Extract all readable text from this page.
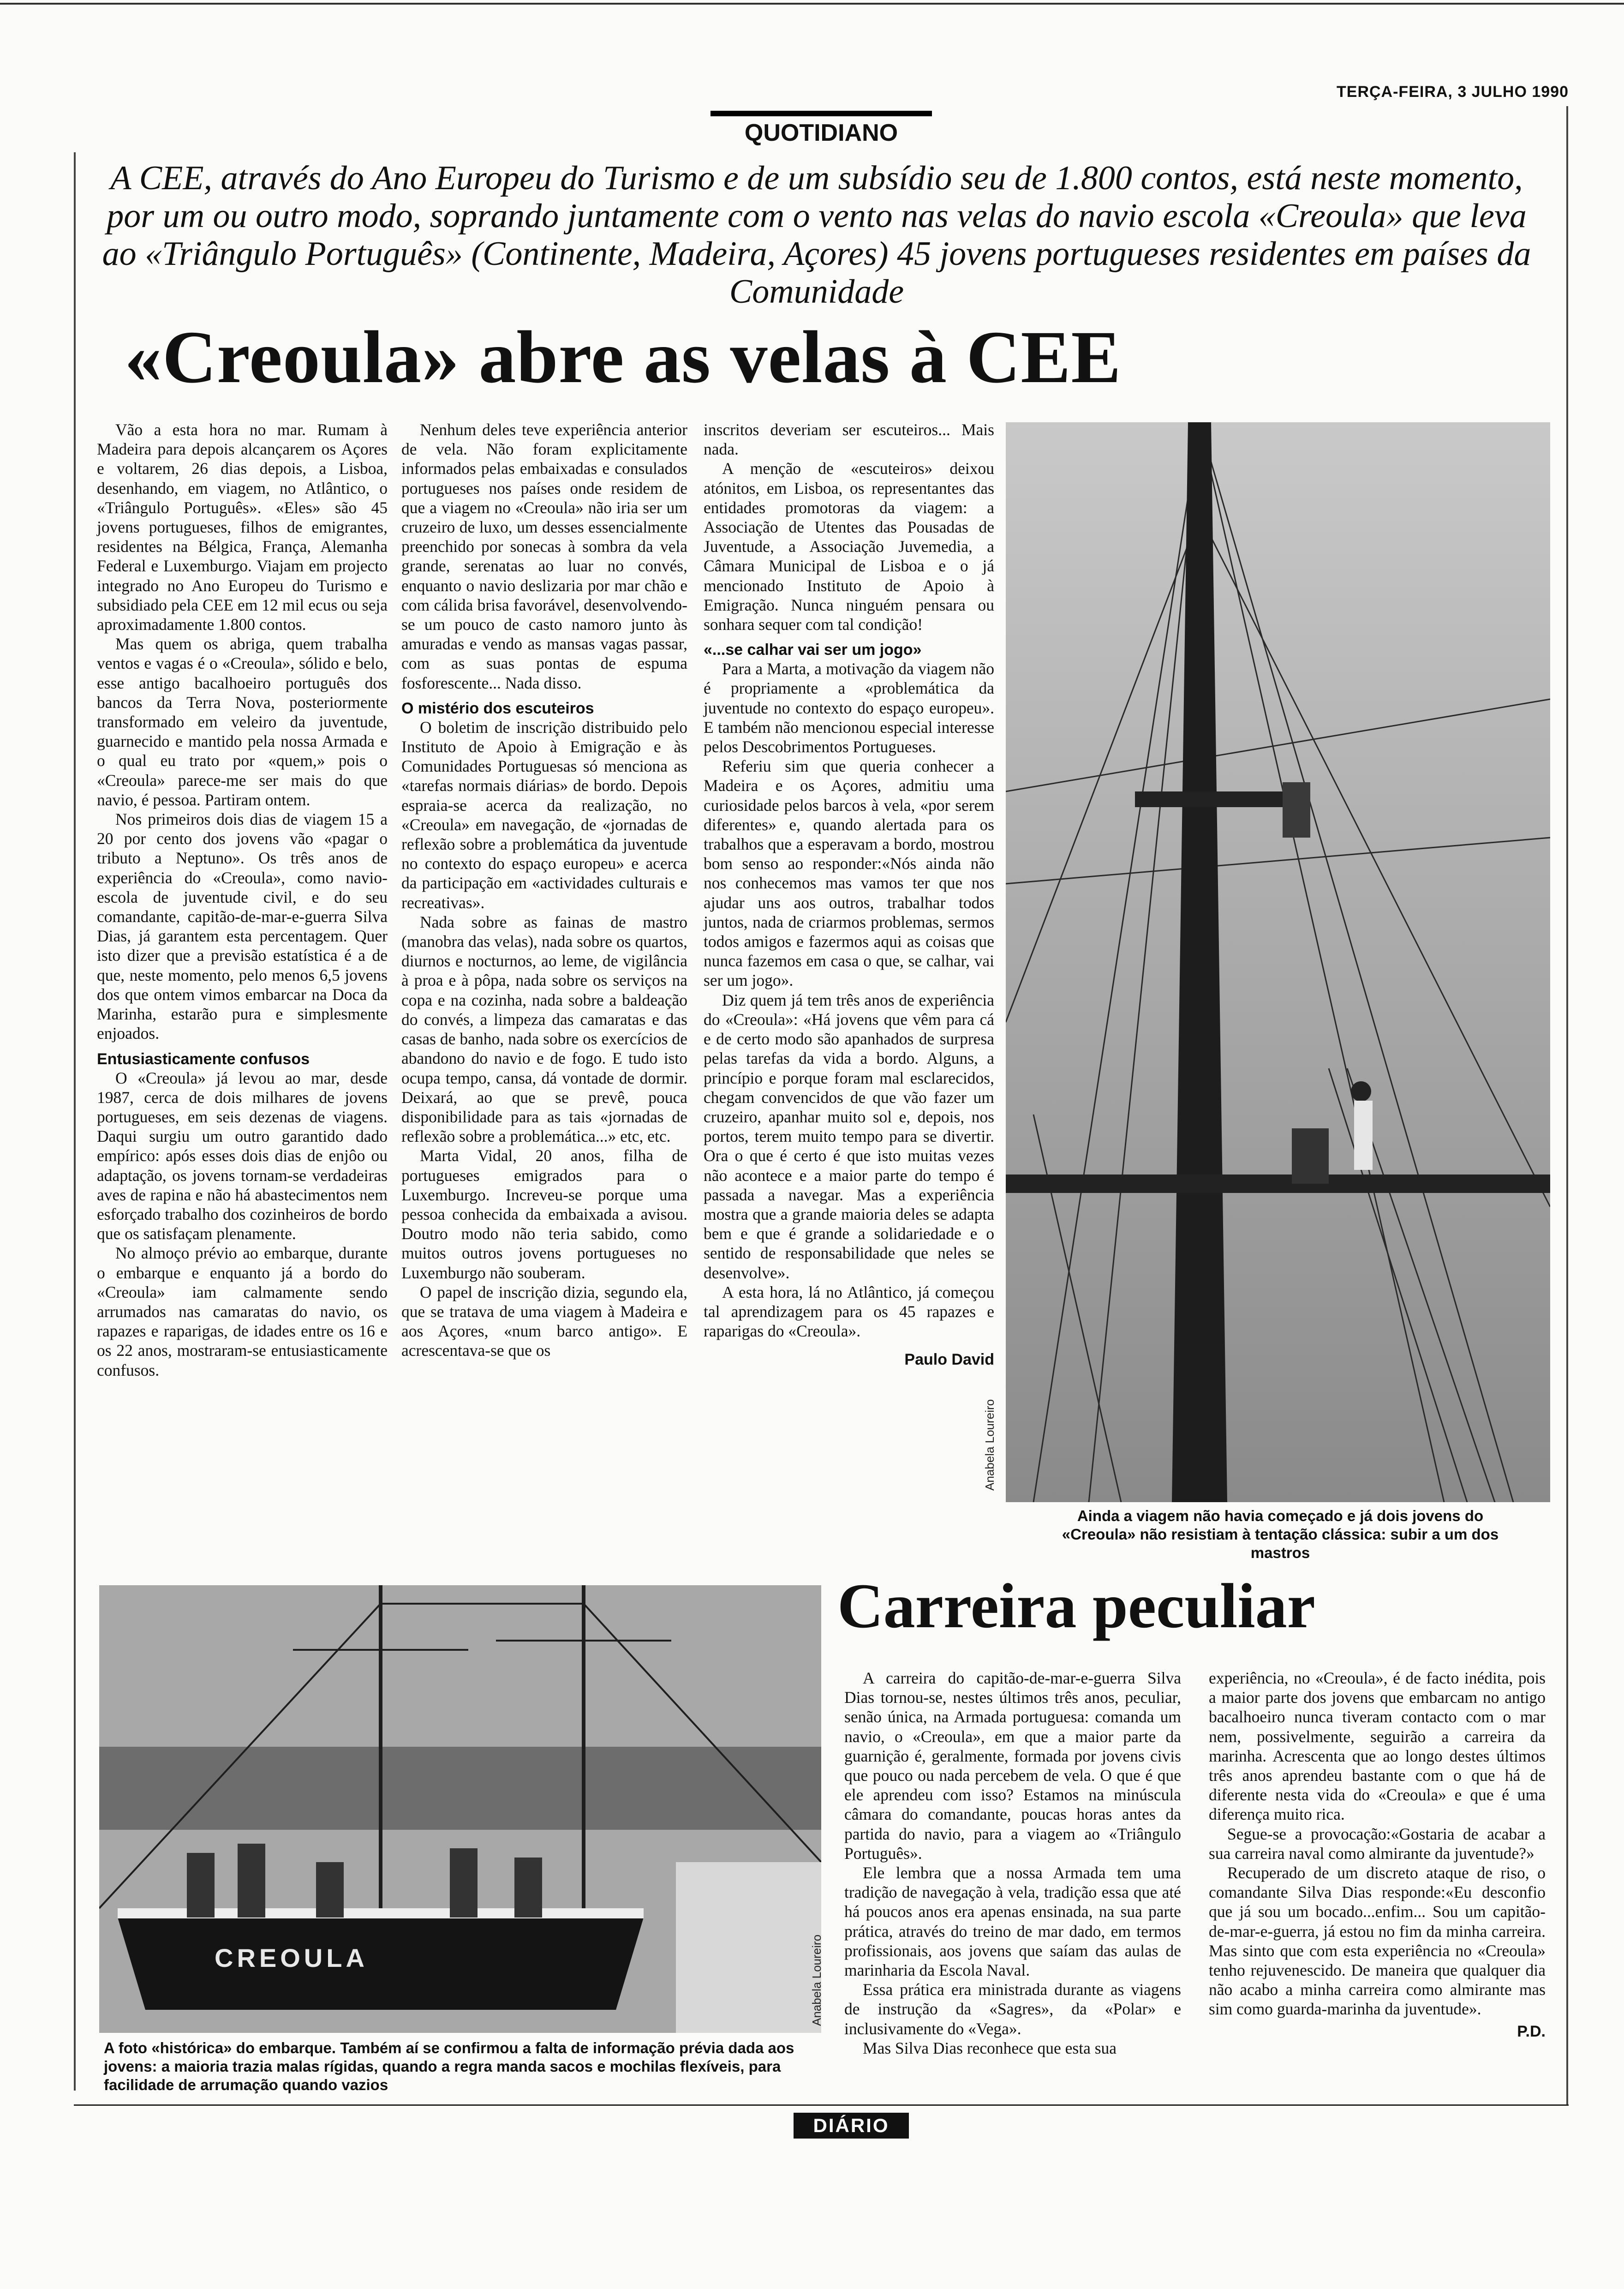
TERÇA-FEIRA, 3 JULHO 1990
QUOTIDIANO
A CEE, através do Ano Europeu do Turismo e de um subsídio seu de 1.800 contos, está neste momento, por um ou outro modo, soprando juntamente com o vento nas velas do navio escola «Creoula» que leva ao «Triângulo Português» (Continente, Madeira, Açores) 45 jovens portugueses residentes em países da Comunidade
«Creoula» abre as velas à CEE

Vão a esta hora no mar. Rumam à Madeira para depois alcançarem os Açores e voltarem, 26 dias depois, a Lisboa, desenhando, em viagem, no Atlântico, o «Triângulo Português». «Eles» são 45 jovens portugueses, filhos de emigrantes, residentes na Bélgica, França, Alemanha Federal e Luxemburgo. Viajam em projecto integrado no Ano Europeu do Turismo e subsidiado pela CEE em 12 mil ecus ou seja aproximadamente 1.800 contos.

Mas quem os abriga, quem trabalha ventos e vagas é o «Creoula», sólido e belo, esse antigo bacalhoeiro português dos bancos da Terra Nova, posteriormente transformado em veleiro da juventude, guarnecido e mantido pela nossa Armada e o qual eu trato por «quem,» pois o «Creoula» parece-me ser mais do que navio, é pessoa. Partiram ontem.

Nos primeiros dois dias de viagem 15 a 20 por cento dos jovens vão «pagar o tributo a Neptuno». Os três anos de experiência do «Creoula», como navio-escola de juventude civil, e do seu comandante, capitão-de-mar-e-guerra Silva Dias, já garantem esta percentagem. Quer isto dizer que a previsão estatística é a de que, neste momento, pelo menos 6,5 jovens dos que ontem vimos embarcar na Doca da Marinha, estarão pura e simplesmente enjoados.

Entusiasticamente confusos

O «Creoula» já levou ao mar, desde 1987, cerca de dois milhares de jovens portugueses, em seis dezenas de viagens. Daqui surgiu um outro garantido dado empírico: após esses dois dias de enjôo ou adaptação, os jovens tornam-se verdadeiras aves de rapina e não há abastecimentos nem esforçado trabalho dos cozinheiros de bordo que os satisfaçam plenamente.

No almoço prévio ao embarque, durante o embarque e enquanto já a bordo do «Creoula» iam calmamente sendo arrumados nas camaratas do navio, os rapazes e raparigas, de idades entre os 16 e os 22 anos, mostraram-se entusiasticamente confusos.

Nenhum deles teve experiência anterior de vela. Não foram explicitamente informados pelas embaixadas e consulados portugueses nos países onde residem de que a viagem no «Creoula» não iria ser um cruzeiro de luxo, um desses essencialmente preenchido por sonecas à sombra da vela grande, serenatas ao luar no convés, enquanto o navio deslizaria por mar chão e com cálida brisa favorável, desenvolvendo-se um pouco de casto namoro junto às amuradas e vendo as mansas vagas passar, com as suas pontas de espuma fosforescente... Nada disso.

O mistério dos escuteiros

O boletim de inscrição distribuido pelo Instituto de Apoio à Emigração e às Comunidades Portuguesas só menciona as «tarefas normais diárias» de bordo. Depois espraia-se acerca da realização, no «Creoula» em navegação, de «jornadas de reflexão sobre a problemática da juventude no contexto do espaço europeu» e acerca da participação em «actividades culturais e recreativas».

Nada sobre as fainas de mastro (manobra das velas), nada sobre os quartos, diurnos e nocturnos, ao leme, de vigilância à proa e à pôpa, nada sobre os serviços na copa e na cozinha, nada sobre a baldeação do convés, a limpeza das camaratas e das casas de banho, nada sobre os exercícios de abandono do navio e de fogo. E tudo isto ocupa tempo, cansa, dá vontade de dormir. Deixará, ao que se prevê, pouca disponibilidade para as tais «jornadas de reflexão sobre a problemática...» etc, etc.

Marta Vidal, 20 anos, filha de portugueses emigrados para o Luxemburgo. Increveu-se porque uma pessoa conhecida da embaixada a avisou. Doutro modo não teria sabido, como muitos outros jovens portugueses no Luxemburgo não souberam.

O papel de inscrição dizia, segundo ela, que se tratava de uma viagem à Madeira e aos Açores, «num barco antigo». E acrescentava-se que os

inscritos deveriam ser escuteiros... Mais nada.

A menção de «escuteiros» deixou atónitos, em Lisboa, os representantes das entidades promotoras da viagem: a Associação de Utentes das Pousadas de Juventude, a Associação Juvemedia, a Câmara Municipal de Lisboa e o já mencionado Instituto de Apoio à Emigração. Nunca ninguém pensara ou sonhara sequer com tal condição!

«...se calhar vai ser um jogo»

Para a Marta, a motivação da viagem não é propriamente a «problemática da juventude no contexto do espaço europeu». E também não mencionou especial interesse pelos Descobrimentos Portugueses.

Referiu sim que queria conhecer a Madeira e os Açores, admitiu uma curiosidade pelos barcos à vela, «por serem diferentes» e, quando alertada para os trabalhos que a esperavam a bordo, mostrou bom senso ao responder:«Nós ainda não nos conhecemos mas vamos ter que nos ajudar uns aos outros, trabalhar todos juntos, nada de criarmos problemas, sermos todos amigos e fazermos aqui as coisas que nunca fazemos em casa o que, se calhar, vai ser um jogo».

Diz quem já tem três anos de experiência do «Creoula»: «Há jovens que vêm para cá e de certo modo são apanhados de surpresa pelas tarefas da vida a bordo. Alguns, a princípio e porque foram mal esclarecidos, chegam convencidos de que vão fazer um cruzeiro, apanhar muito sol e, depois, nos portos, terem muito tempo para se divertir. Ora o que é certo é que isto muitas vezes não acontece e a maior parte do tempo é passada a navegar. Mas a experiência mostra que a grande maioria deles se adapta bem e que é grande a solidariedade e o sentido de responsabilidade que neles se desenvolve».

A esta hora, lá no Atlântico, já começou tal aprendizagem para os 45 rapazes e raparigas do «Creoula».

Paulo David
Anabela Loureiro
Ainda a viagem não havia começado e já dois jovens do «Creoula» não resistiam à tentação clássica: subir a um dos mastros
CREOULA	Anabela Loureiro
A foto «histórica» do embarque. Também aí se confirmou a falta de informação prévia dada aos jovens: a maioria trazia malas rígidas, quando a regra manda sacos e mochilas flexíveis, para facilidade de arrumação quando vazios
Carreira peculiar

A carreira do capitão-de-mar-e-guerra Silva Dias tornou-se, nestes últimos três anos, peculiar, senão única, na Armada portuguesa: comanda um navio, o «Creoula», em que a maior parte da guarnição é, geralmente, formada por jovens civis que pouco ou nada percebem de vela. O que é que ele aprendeu com isso? Estamos na minúscula câmara do comandante, poucas horas antes da partida do navio, para a viagem ao «Triângulo Português».

Ele lembra que a nossa Armada tem uma tradição de navegação à vela, tradição essa que até há poucos anos era apenas ensinada, na sua parte prática, através do treino de mar dado, em termos profissionais, aos jovens que saíam das aulas de marinharia da Escola Naval.

Essa prática era ministrada durante as viagens de instrução da «Sagres», da «Polar» e inclusivamente do «Vega».

Mas Silva Dias reconhece que esta sua

experiência, no «Creoula», é de facto inédita, pois a maior parte dos jovens que embarcam no antigo bacalhoeiro nunca tiveram contacto com o mar nem, possivelmente, seguirão a carreira da marinha. Acrescenta que ao longo destes últimos três anos aprendeu bastante com o que há de diferente nesta vida do «Creoula» e que é uma diferença muito rica.

Segue-se a provocação:«Gostaria de acabar a sua carreira naval como almirante da juventude?»

Recuperado de um discreto ataque de riso, o comandante Silva Dias responde:«Eu desconfio que já sou um bocado...enfim... Sou um capitão-de-mar-e-guerra, já estou no fim da minha carreira. Mas sinto que com esta experiência no «Creoula» tenho rejuvenescido. De maneira que qualquer dia não acabo a minha carreira como almirante mas sim como guarda-marinha da juventude».

P.D.
DIÁRIO
